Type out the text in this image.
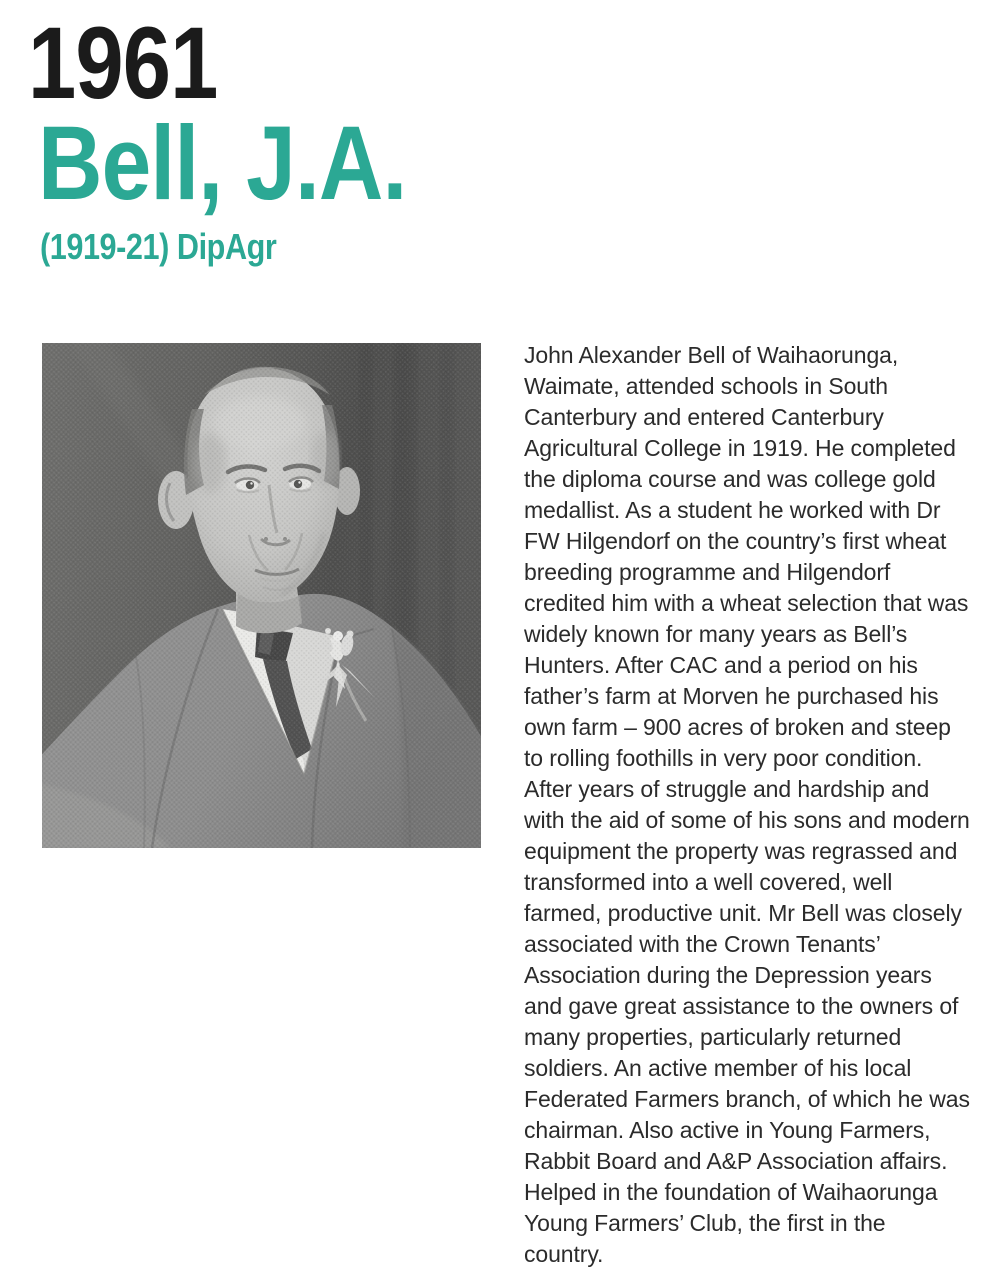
1961
Bell, J.A.
(1919-21) DipAgr

John Alexander Bell of Waihaorunga, Waimate, attended schools in South Canterbury and entered Canterbury Agricultural College in 1919. He completed the diploma course and was college gold medallist. As a student he worked with Dr FW Hilgendorf on the country’s first wheat breeding programme and Hilgendorf credited him with a wheat selection that was widely known for many years as Bell’s Hunters. After CAC and a period on his father’s farm at Morven he purchased his own farm – 900 acres of broken and steep to rolling foothills in very poor condition. After years of struggle and hardship and with the aid of some of his sons and modern equipment the property was regrassed and transformed into a well covered, well farmed, productive unit. Mr Bell was closely associated with the Crown Tenants’ Association during the Depression years and gave great assistance to the owners of many properties, particularly returned soldiers. An active member of his local Federated Farmers branch, of which he was chairman. Also active in Young Farmers, Rabbit Board and A&P Association affairs. Helped in the foundation of Waihaorunga Young Farmers’ Club, the first in the country.
